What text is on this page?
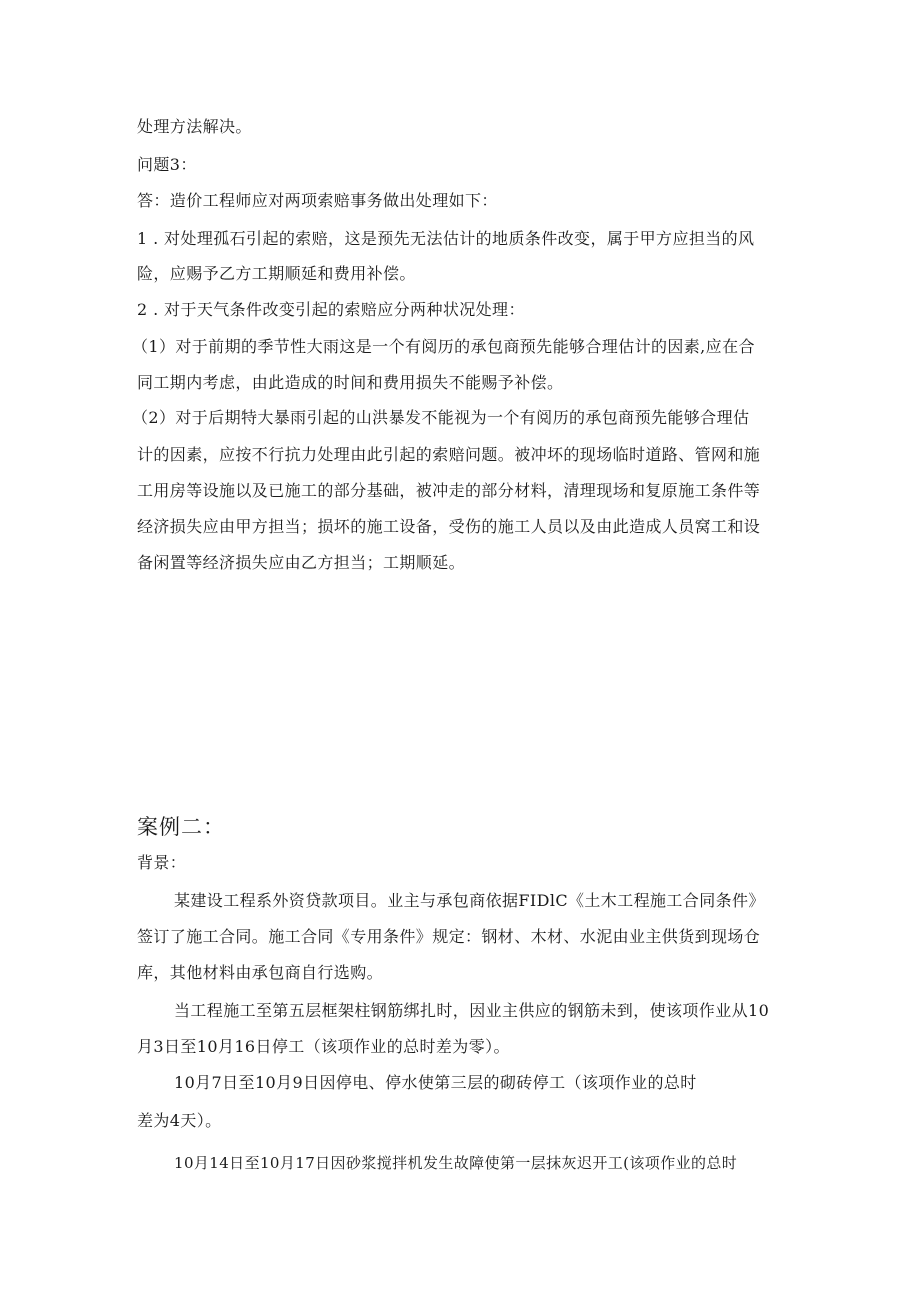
处理方法解决。

问题3：

答：造价工程师应对两项索赔事务做出处理如下：

1 . 对处理孤石引起的索赔，这是预先无法估计的地质条件改变，属于甲方应担当的风

险，应赐予乙方工期顺延和费用补偿。

2 . 对于天气条件改变引起的索赔应分两种状况处理：

（1）对于前期的季节性大雨这是一个有阅历的承包商预先能够合理估计的因素,应在合

同工期内考虑，由此造成的时间和费用损失不能赐予补偿。

（2）对于后期特大暴雨引起的山洪暴发不能视为一个有阅历的承包商预先能够合理估

计的因素，应按不行抗力处理由此引起的索赔问题。被冲坏的现场临时道路、管网和施

工用房等设施以及已施工的部分基础，被冲走的部分材料，清理现场和复原施工条件等

经济损失应由甲方担当；损坏的施工设备，受伤的施工人员以及由此造成人员窝工和设

备闲置等经济损失应由乙方担当；工期顺延。

案例二：

背景：

某建设工程系外资贷款项目。业主与承包商依据FIDlC《土木工程施工合同条件》

签订了施工合同。施工合同《专用条件》规定：钢材、木材、水泥由业主供货到现场仓

库，其他材料由承包商自行选购。

当工程施工至第五层框架柱钢筋绑扎时，因业主供应的钢筋未到，使该项作业从10

月3日至10月16日停工（该项作业的总时差为零）。

10月7日至10月9日因停电、停水使第三层的砌砖停工（该项作业的总时

差为4天）。

10月14日至10月17日因砂浆搅拌机发生故障使第一层抹灰迟开工(该项作业的总时
